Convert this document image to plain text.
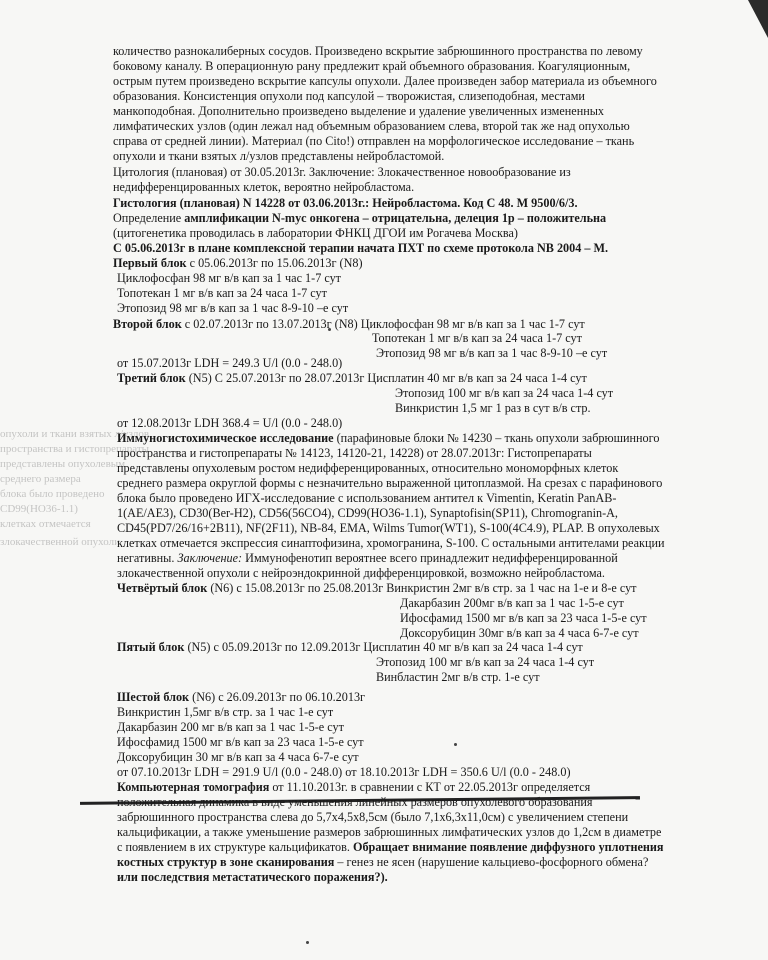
опухоли и ткани взятых л/узлов
пространства и гистопрепараты
представлены опухолевым
среднего размера
блока было проведено
CD99(HO36-1.1)
клетках отмечается
злокачественной опухоли
количество разнокалиберных сосудов. Произведено вскрытие забрюшинного пространства по левому
боковому каналу. В операционную рану предлежит край объемного образования. Коагуляционным,
острым путем произведено вскрытие капсулы опухоли. Далее произведен забор материала из объемного
образования. Консистенция опухоли под капсулой – творожистая, слизеподобная, местами
манкоподобная. Дополнительно произведено выделение и удаление увеличенных измененных
лимфатических узлов (один лежал над объемным образованием слева, второй так же над опухолью
справа от средней линии). Материал (по Cito!) отправлен на морфологическое исследование – ткань
опухоли и ткани взятых л/узлов представлены нейробластомой.
Цитология (плановая) от 30.05.2013г. Заключение: Злокачественное новообразование из
недифференцированных клеток, вероятно нейробластома.
Гистология (плановая) N 14228 от 03.06.2013г.: Нейробластома. Код С 48. М 9500/6/3.
Определение амплификации N-myc онкогена – отрицательна, делеция 1р – положительна
(цитогенетика проводилась в лаборатории ФНКЦ ДГОИ им Рогачева Москва)
С 05.06.2013г в плане комплексной терапии начата ПХТ по схеме протокола NB 2004 – М.
Первый блок с 05.06.2013г по 15.06.2013г (N8)
Циклофосфан 98 мг в/в кап за 1 час 1-7 сут
Топотекан 1 мг в/в кап за 24 часа 1-7 сут
Этопозид 98 мг в/в кап за 1 час 8-9-10 –е сут
Второй блок с 02.07.2013г по 13.07.2013г (N8) Циклофосфан 98 мг в/в кап за 1 час 1-7 сут
Топотекан 1 мг в/в кап за 24 часа 1-7 сут
Этопозид 98 мг в/в кап за 1 час 8-9-10 –е сут
от 15.07.2013г LDH = 249.3 U/l (0.0 - 248.0)
Третий блок (N5) С 25.07.2013г по 28.07.2013г Цисплатин 40 мг в/в кап за 24 часа 1-4 сут
Этопозид 100 мг в/в кап за 24 часа 1-4 сут
Винкристин 1,5 мг 1 раз в сут в/в стр.
от 12.08.2013г LDH 368.4 = U/l (0.0 - 248.0)
Иммуногистохимическое исследование (парафиновые блоки № 14230 – ткань опухоли забрюшинного
пространства и гистопрепараты № 14123, 14120-21, 14228) от 28.07.2013г: Гистопрепараты
представлены опухолевым ростом недифференцированных, относительно мономорфных клеток
среднего размера округлой формы с незначительно выраженной цитоплазмой. На срезах с парафинового
блока было проведено ИГХ-исследование с использованием антител к Vimentin, Keratin PanAB-
1(AE/AE3), CD30(Ber-H2), CD56(56CO4), CD99(HO36-1.1), Synaptofisin(SP11), Chromogranin-A,
CD45(PD7/26/16+2B11), NF(2F11), NB-84, EMA, Wilms Tumor(WT1), S-100(4C4.9), PLAP. В опухолевых
клетках отмечается экспрессия синаптофизина, хромогранина, S-100. С остальными антителами реакции
негативны. Заключение: Иммунофенотип вероятнее всего принадлежит недифференцированной
злокачественной опухоли с нейроэндокринной дифференцировкой, возможно нейробластома.
Четвёртый блок (N6) с 15.08.2013г по 25.08.2013г Винкристин 2мг в/в стр. за 1 час на 1-е и 8-е сут
Дакарбазин 200мг в/в кап за 1 час 1-5-е сут
Ифосфамид 1500 мг в/в кап за 23 часа 1-5-е сут
Доксорубицин 30мг в/в кап за 4 часа 6-7-е сут
Пятый блок (N5) с 05.09.2013г по 12.09.2013г Цисплатин 40 мг в/в кап за 24 часа 1-4 сут
Этопозид 100 мг в/в кап за 24 часа 1-4 сут
Винбластин 2мг в/в стр. 1-е сут
Шестой блок (N6) с 26.09.2013г по 06.10.2013г
Винкристин 1,5мг в/в стр. за 1 час 1-е сут
Дакарбазин 200 мг в/в кап за 1 час 1-5-е сут
Ифосфамид 1500 мг в/в кап за 23 часа 1-5-е сут
Доксорубицин 30 мг в/в кап за 4 часа 6-7-е сут
от 07.10.2013г LDH = 291.9 U/l (0.0 - 248.0) от 18.10.2013г LDH = 350.6 U/l (0.0 - 248.0)
Компьютерная томография от 11.10.2013г. в сравнении с КТ от 22.05.2013г определяется
положительная динамика в виде уменьшения линейных размеров опухолевого образования
забрюшинного пространства слева до 5,7х4,5х8,5см (было 7,1х6,3х11,0см) с увеличением степени
кальцификации, а также уменьшение размеров забрюшинных лимфатических узлов до 1,2см в диаметре
с появлением в их структуре кальцификатов. Обращает внимание появление диффузного уплотнения
костных структур в зоне сканирования – генез не ясен (нарушение кальциево-фосфорного обмена?
или последствия метастатического поражения?).
